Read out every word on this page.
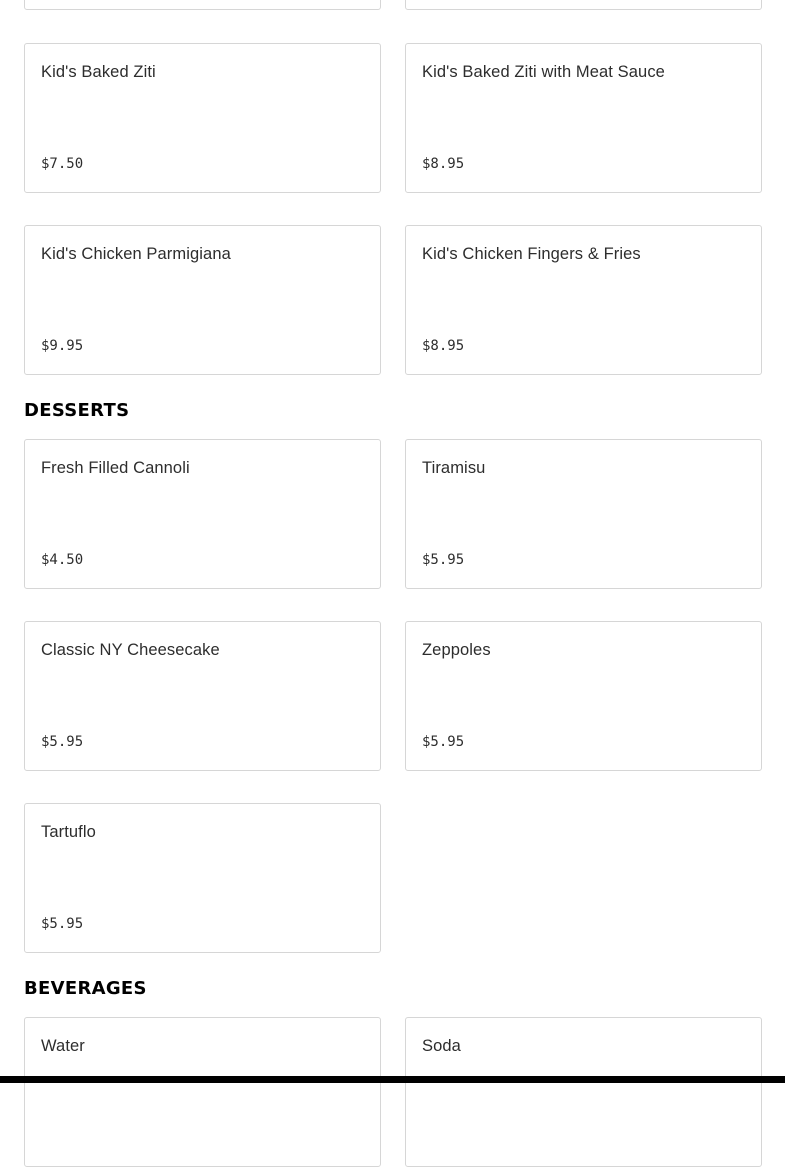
Kid's Baked Ziti
$7.50
Kid's Baked Ziti with Meat Sauce
$8.95
Kid's Chicken Parmigiana
$9.95
Kid's Chicken Fingers & Fries
$8.95
DESSERTS
Fresh Filled Cannoli
$4.50
Tiramisu
$5.95
Classic NY Cheesecake
$5.95
Zeppoles
$5.95
Tartuflo
$5.95
BEVERAGES
Water	Soda
